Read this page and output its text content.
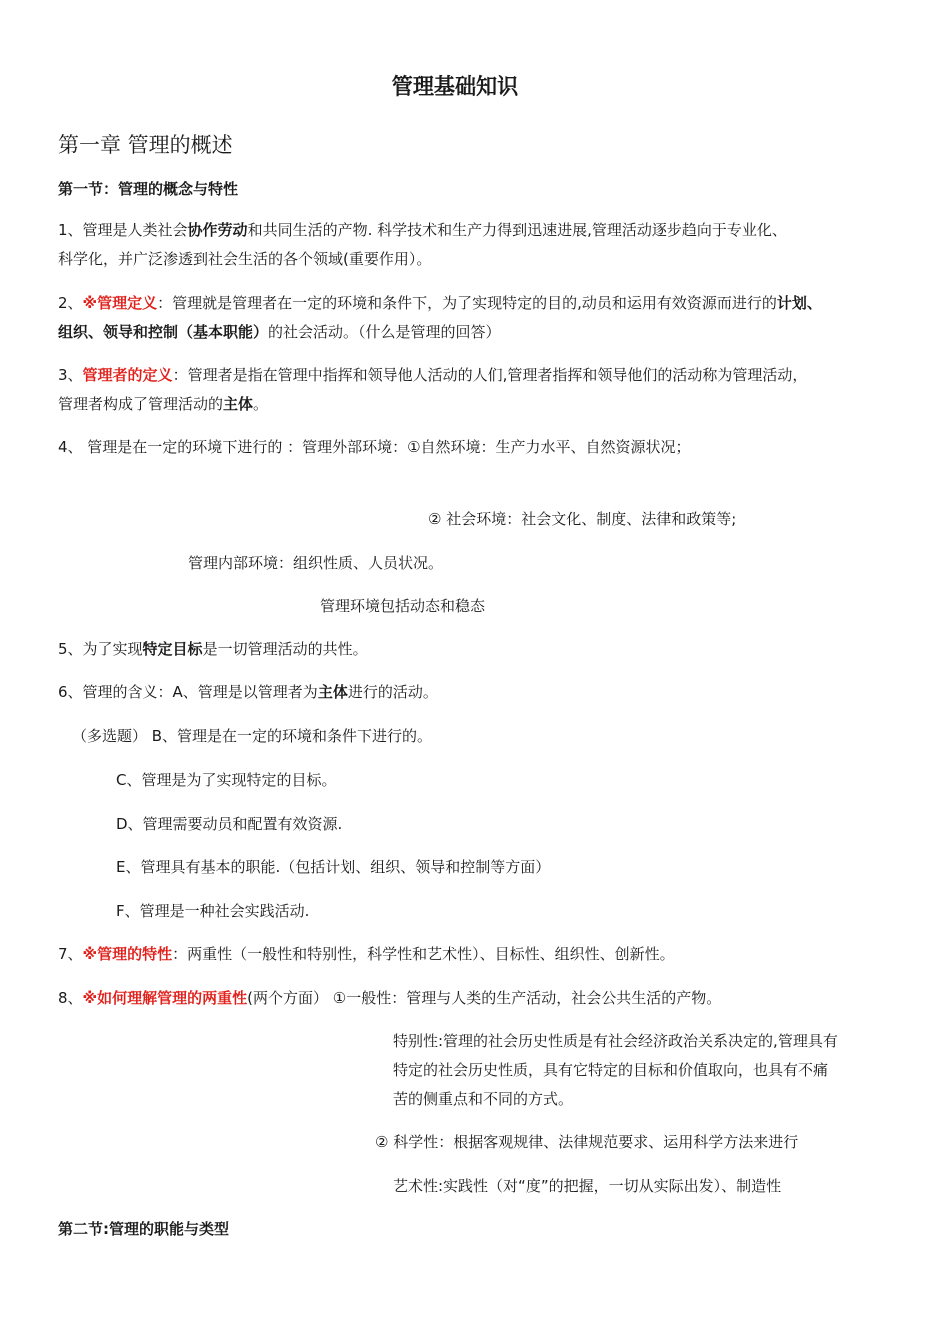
管理基础知识
第一章 管理的概述
第一节：管理的概念与特性
1、管理是人类社会协作劳动和共同生活的产物. 科学技术和生产力得到迅速进展,管理活动逐步趋向于专业化、
科学化，并广泛渗透到社会生活的各个领域(重要作用）。
2、※管理定义：管理就是管理者在一定的环境和条件下，为了实现特定的目的,动员和运用有效资源而进行的计划、
组织、领导和控制（基本职能）的社会活动。（什么是管理的回答）
3、管理者的定义：管理者是指在管理中指挥和领导他人活动的人们,管理者指挥和领导他们的活动称为管理活动，
管理者构成了管理活动的主体。
4、 管理是在一定的环境下进行的 ：管理外部环境：①自然环境：生产力水平、自然资源状况；
② 社会环境：社会文化、制度、法律和政策等;
管理内部环境：组织性质、人员状况。
管理环境包括动态和稳态
5、为了实现特定目标是一切管理活动的共性。
6、管理的含义：A、管理是以管理者为主体进行的活动。
（多选题） B、管理是在一定的环境和条件下进行的。
C、管理是为了实现特定的目标。
D、管理需要动员和配置有效资源.
E、管理具有基本的职能.（包括计划、组织、领导和控制等方面）
F、管理是一种社会实践活动.
7、※管理的特性：两重性（一般性和特别性，科学性和艺术性）、目标性、组织性、创新性。
8、※如何理解管理的两重性(两个方面） ①一般性：管理与人类的生产活动，社会公共生活的产物。
特别性:管理的社会历史性质是有社会经济政治关系决定的,管理具有
特定的社会历史性质，具有它特定的目标和价值取向，也具有不痛
苦的侧重点和不同的方式。
② 科学性：根据客观规律、法律规范要求、运用科学方法来进行
艺术性:实践性（对“度”的把握，一切从实际出发）、制造性
第二节:管理的职能与类型
